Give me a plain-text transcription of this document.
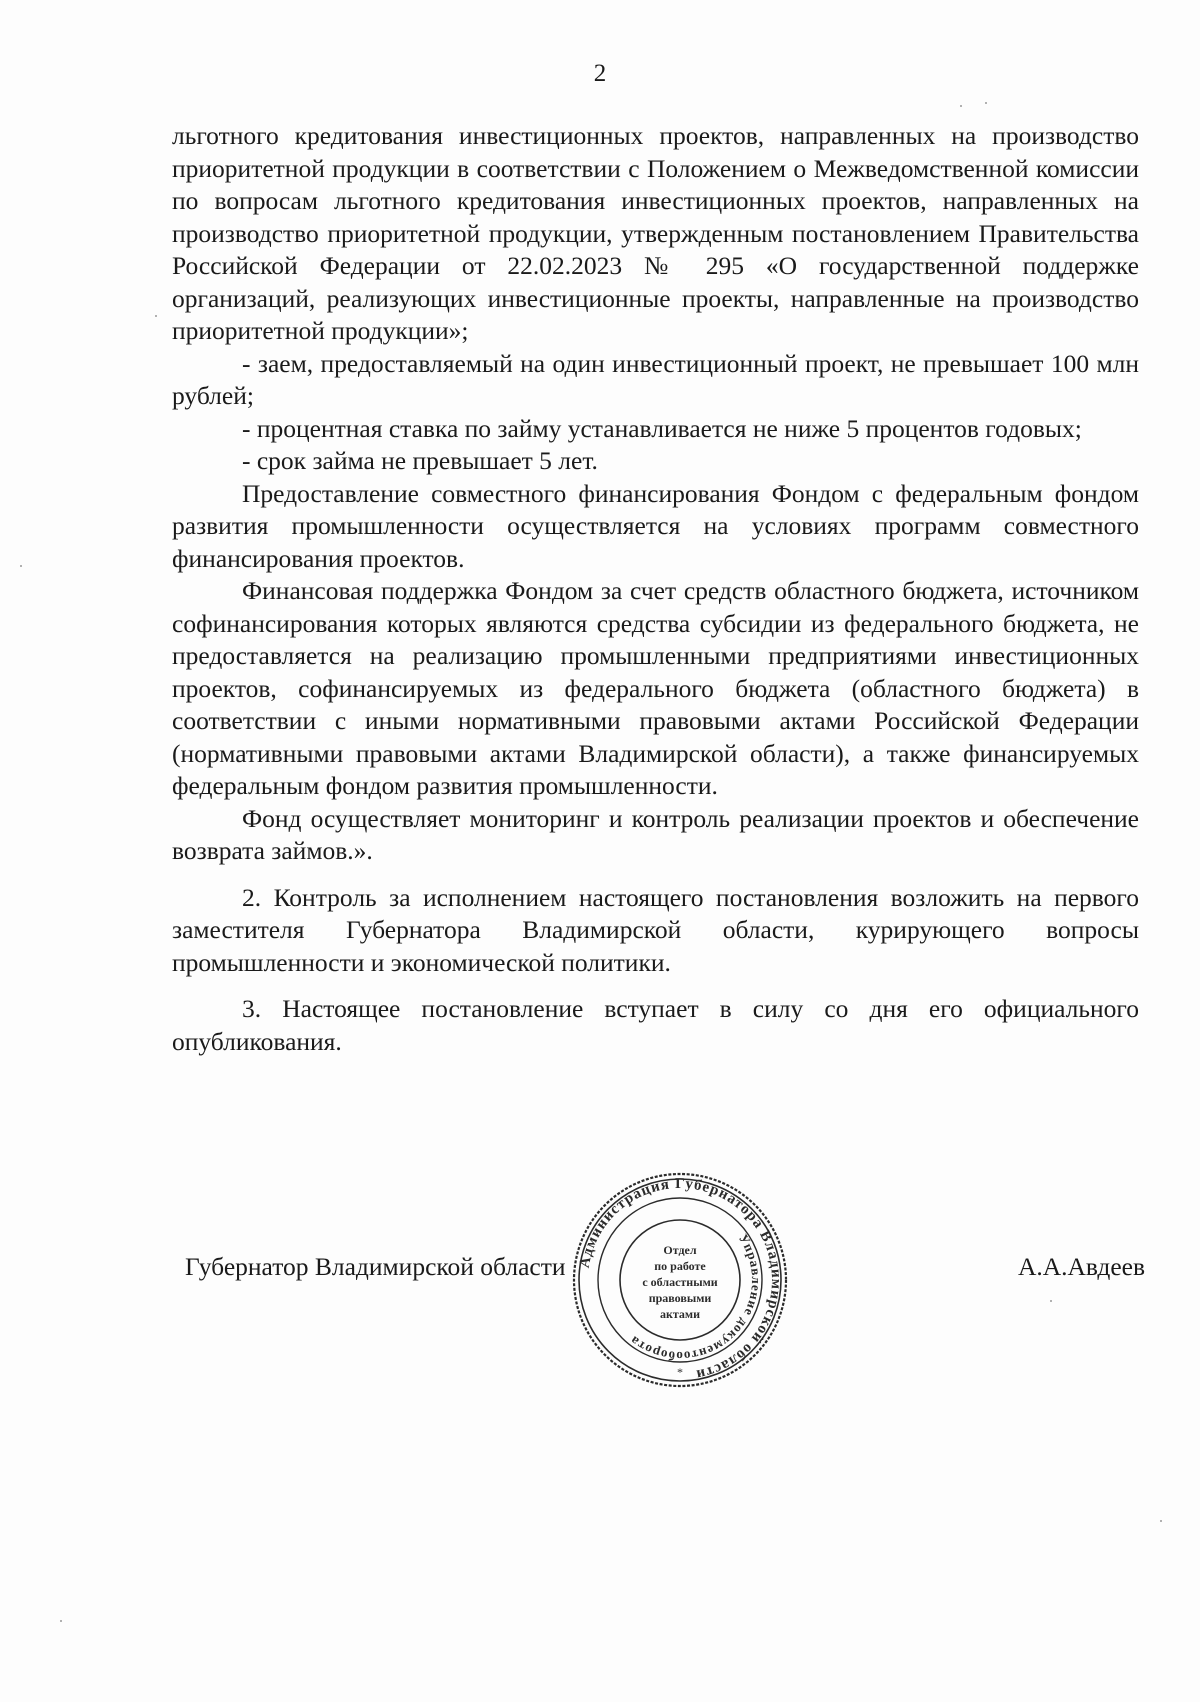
2

льготного кредитования инвестиционных проектов, направленных на производство приоритетной продукции в соответствии с Положением о Межведомственной комиссии по вопросам льготного кредитования инвестиционных проектов, направленных на производство приоритетной продукции, утвержденным постановлением Правительства Российской Федерации от 22.02.2023 № 295 «О государственной поддержке организаций, реализующих инвестиционные проекты, направленные на производство приоритетной продукции»;

- заем, предоставляемый на один инвестиционный проект, не превышает 100 млн рублей;

- процентная ставка по займу устанавливается не ниже 5 процентов годовых;

- срок займа не превышает 5 лет.

Предоставление совместного финансирования Фондом с федеральным фондом развития промышленности осуществляется на условиях программ совместного финансирования проектов.

Финансовая поддержка Фондом за счет средств областного бюджета, источником софинансирования которых являются средства субсидии из федерального бюджета, не предоставляется на реализацию промышленными предприятиями инвестиционных проектов, софинансируемых из федерального бюджета (областного бюджета) в соответствии с иными нормативными правовыми актами Российской Федерации (нормативными правовыми актами Владимирской области), а также финансируемых федеральным фондом развития промышленности.

Фонд осуществляет мониторинг и контроль реализации проектов и обеспечение возврата займов.».

2. Контроль за исполнением настоящего постановления возложить на первого заместителя Губернатора Владимирской области, курирующего вопросы промышленности и экономической политики.

3. Настоящее постановление вступает в силу со дня его официального опубликования.

Губернатор Владимирской области	А.А.Авдеев
Администрация Губернатора Владимирской области
Управление документооборота
Отдел
по работе
с областными
правовыми
актами
*
